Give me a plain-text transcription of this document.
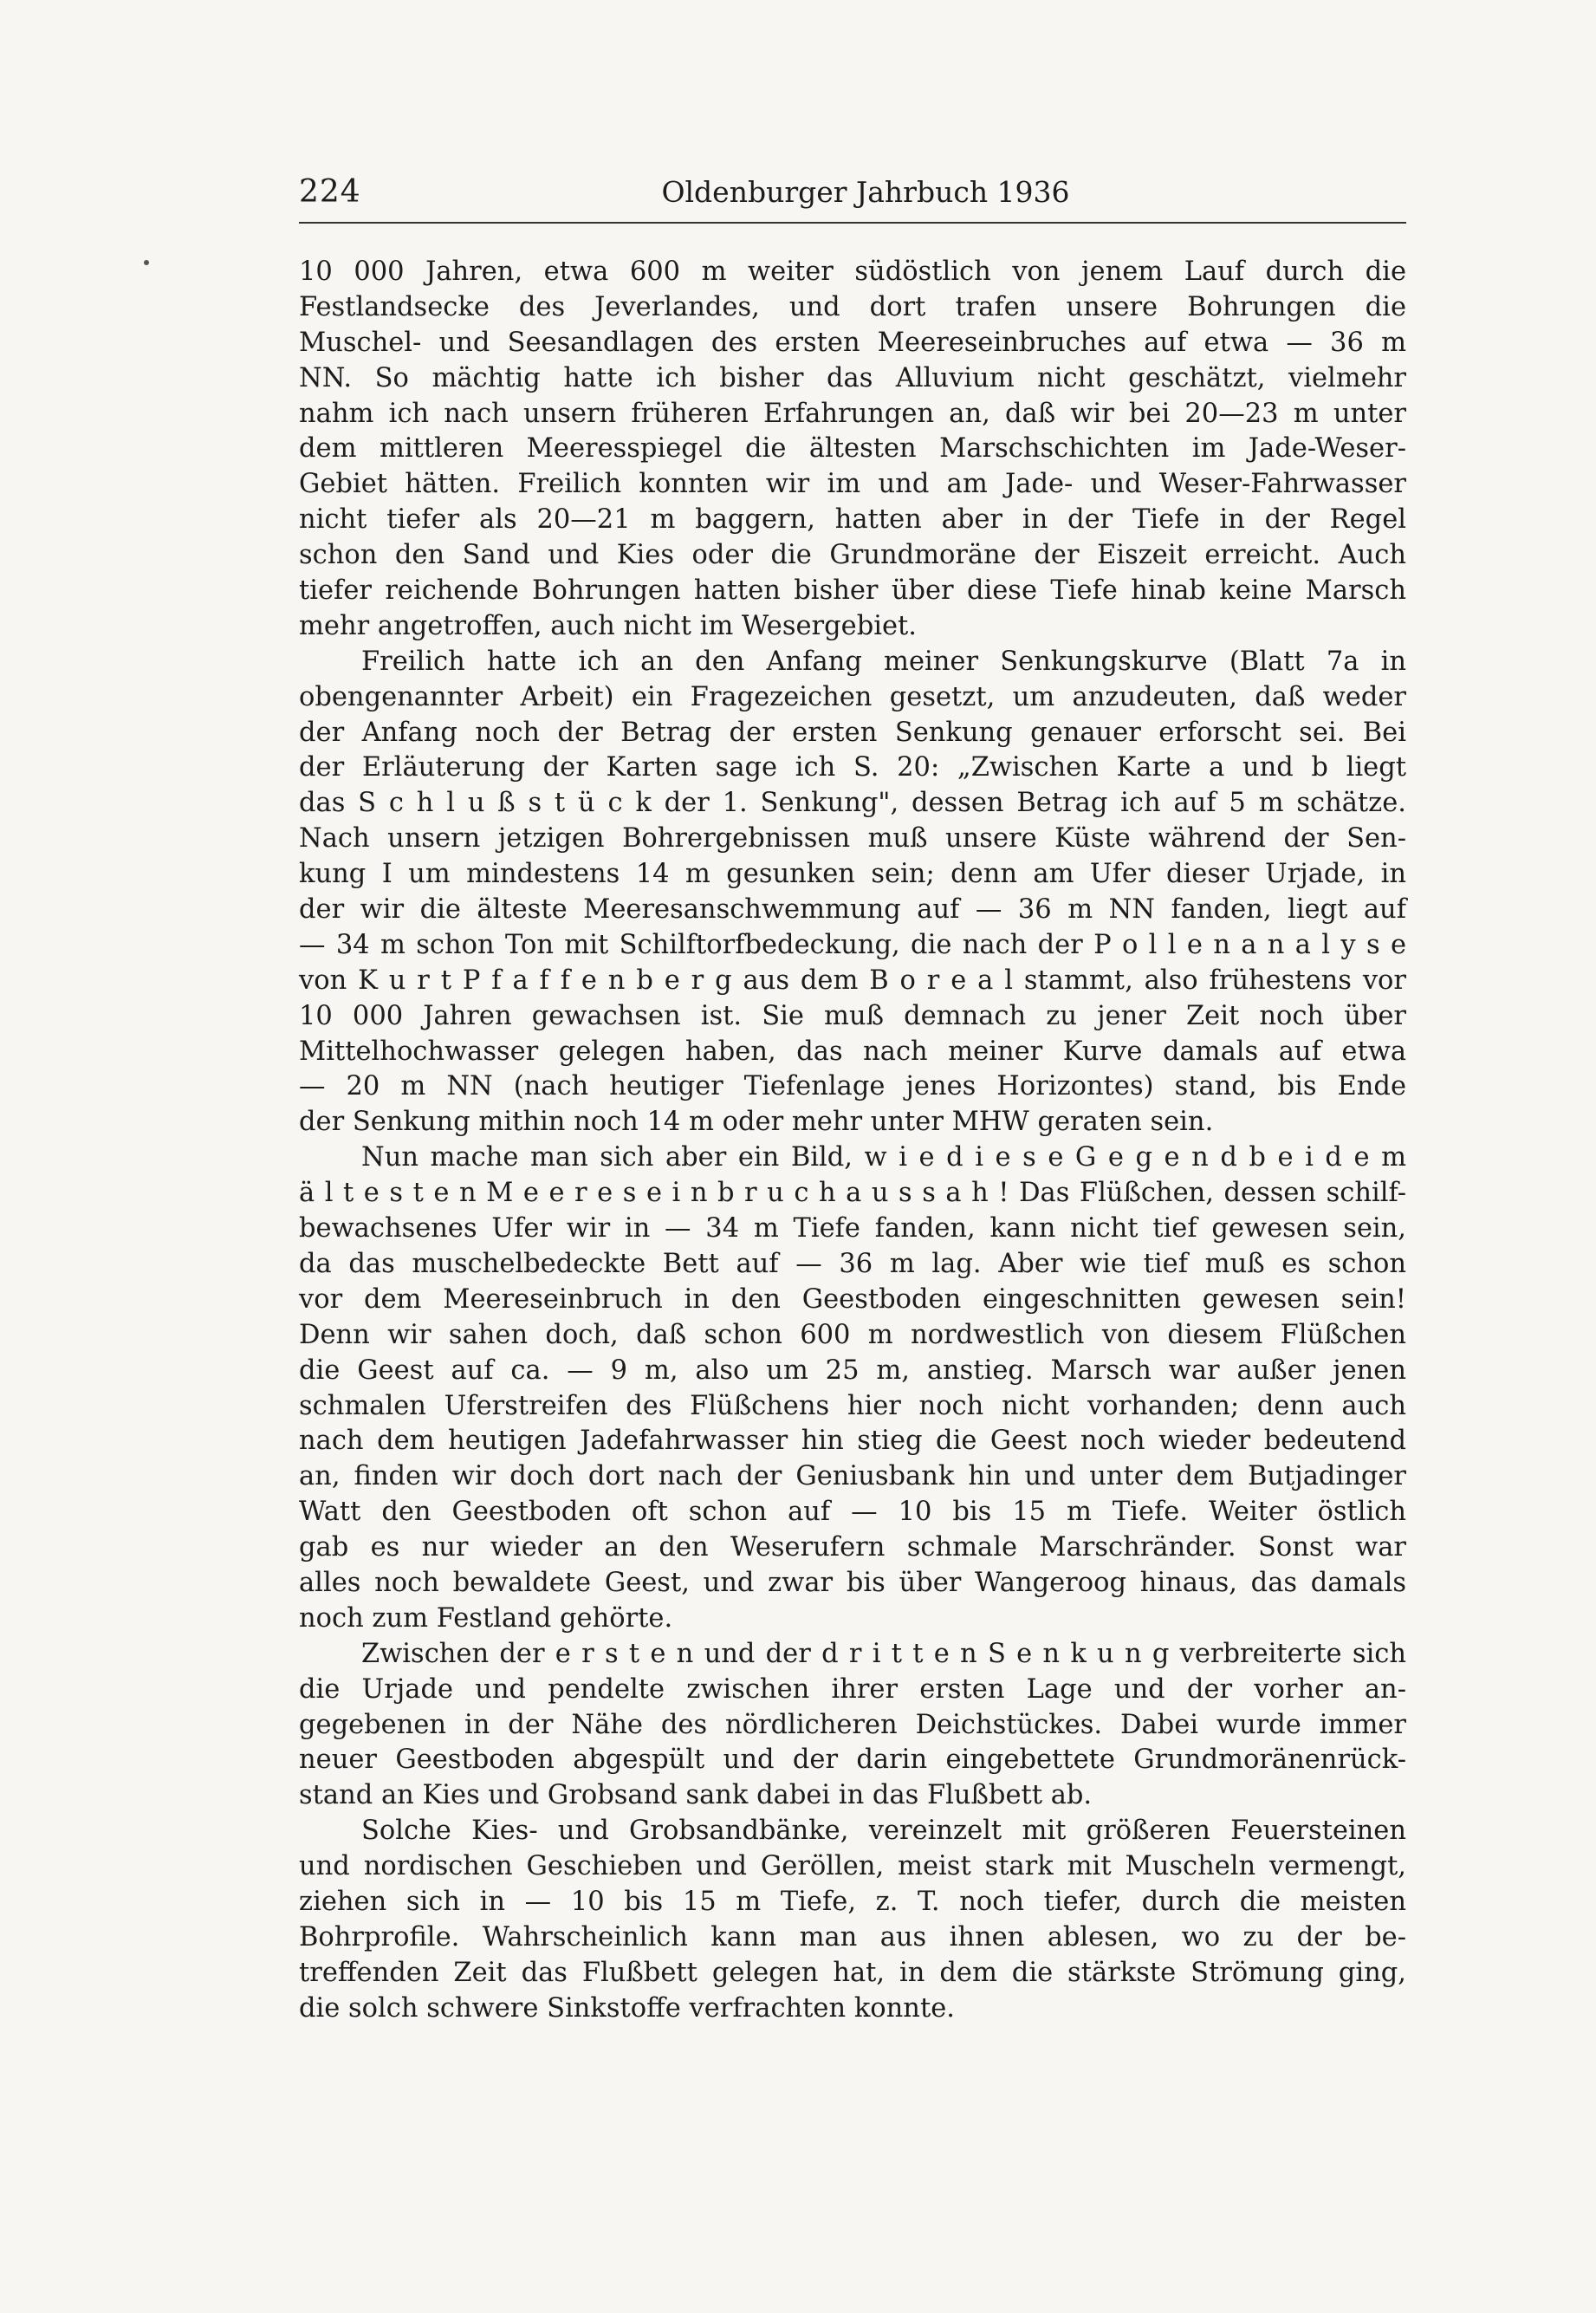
224	Oldenburger Jahrbuch 1936
10 000 Jahren, etwa 600 m weiter südöstlich von jenem Lauf durch die
Festlandsecke des Jeverlandes, und dort trafen unsere Bohrungen die
Muschel- und Seesandlagen des ersten Meereseinbruches auf etwa — 36 m
NN. So mächtig hatte ich bisher das Alluvium nicht geschätzt, vielmehr
nahm ich nach unsern früheren Erfahrungen an, daß wir bei 20—23 m unter
dem mittleren Meeresspiegel die ältesten Marschschichten im Jade-Weser-
Gebiet hätten. Freilich konnten wir im und am Jade- und Weser-Fahrwasser
nicht tiefer als 20—21 m baggern, hatten aber in der Tiefe in der Regel
schon den Sand und Kies oder die Grundmoräne der Eiszeit erreicht. Auch
tiefer reichende Bohrungen hatten bisher über diese Tiefe hinab keine Marsch
mehr angetroffen, auch nicht im Wesergebiet.
Freilich hatte ich an den Anfang meiner Senkungskurve (Blatt 7a in
obengenannter Arbeit) ein Fragezeichen gesetzt, um anzudeuten, daß weder
der Anfang noch der Betrag der ersten Senkung genauer erforscht sei. Bei
der Erläuterung der Karten sage ich S. 20: „Zwischen Karte a und b liegt
das S c h l u ß s t ü c k der 1. Senkung", dessen Betrag ich auf 5 m schätze.
Nach unsern jetzigen Bohrergebnissen muß unsere Küste während der Sen-
kung I um mindestens 14 m gesunken sein; denn am Ufer dieser Urjade, in
der wir die älteste Meeresanschwemmung auf — 36 m NN fanden, liegt auf
— 34 m schon Ton mit Schilftorfbedeckung, die nach der P o l l e n a n a l y s e
von K u r t P f a f f e n b e r g aus dem B o r e a l stammt, also frühestens vor
10 000 Jahren gewachsen ist. Sie muß demnach zu jener Zeit noch über
Mittelhochwasser gelegen haben, das nach meiner Kurve damals auf etwa
— 20 m NN (nach heutiger Tiefenlage jenes Horizontes) stand, bis Ende
der Senkung mithin noch 14 m oder mehr unter MHW geraten sein.
Nun mache man sich aber ein Bild, w i e d i e s e G e g e n d b e i d e m
ä l t e s t e n M e e r e s e i n b r u c h a u s s a h ! Das Flüßchen, dessen schilf-
bewachsenes Ufer wir in — 34 m Tiefe fanden, kann nicht tief gewesen sein,
da das muschelbedeckte Bett auf — 36 m lag. Aber wie tief muß es schon
vor dem Meereseinbruch in den Geestboden eingeschnitten gewesen sein!
Denn wir sahen doch, daß schon 600 m nordwestlich von diesem Flüßchen
die Geest auf ca. — 9 m, also um 25 m, anstieg. Marsch war außer jenen
schmalen Uferstreifen des Flüßchens hier noch nicht vorhanden; denn auch
nach dem heutigen Jadefahrwasser hin stieg die Geest noch wieder bedeutend
an, finden wir doch dort nach der Geniusbank hin und unter dem Butjadinger
Watt den Geestboden oft schon auf — 10 bis 15 m Tiefe. Weiter östlich
gab es nur wieder an den Weserufern schmale Marschränder. Sonst war
alles noch bewaldete Geest, und zwar bis über Wangeroog hinaus, das damals
noch zum Festland gehörte.
Zwischen der e r s t e n und der d r i t t e n S e n k u n g verbreiterte sich
die Urjade und pendelte zwischen ihrer ersten Lage und der vorher an-
gegebenen in der Nähe des nördlicheren Deichstückes. Dabei wurde immer
neuer Geestboden abgespült und der darin eingebettete Grundmoränenrück-
stand an Kies und Grobsand sank dabei in das Flußbett ab.
Solche Kies- und Grobsandbänke, vereinzelt mit größeren Feuersteinen
und nordischen Geschieben und Geröllen, meist stark mit Muscheln vermengt,
ziehen sich in — 10 bis 15 m Tiefe, z. T. noch tiefer, durch die meisten
Bohrprofile. Wahrscheinlich kann man aus ihnen ablesen, wo zu der be-
treffenden Zeit das Flußbett gelegen hat, in dem die stärkste Strömung ging,
die solch schwere Sinkstoffe verfrachten konnte.
